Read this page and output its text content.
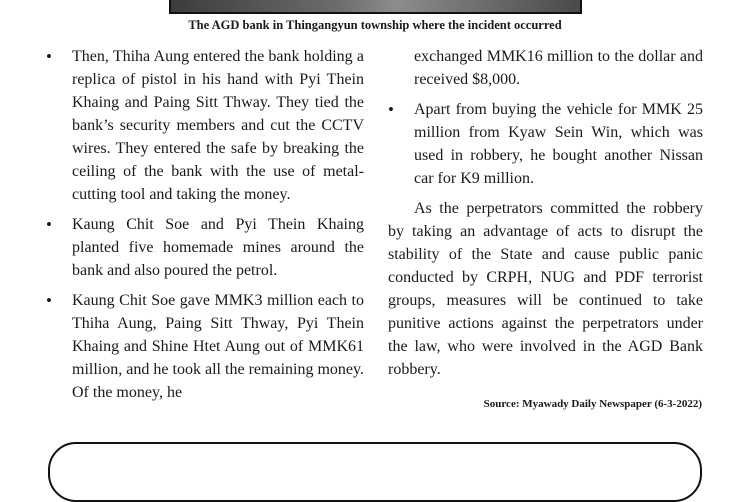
The AGD bank in Thingangyun township where the incident occurred
• Then, Thiha Aung entered the bank holding a replica of pistol in his hand with Pyi Thein Khaing and Paing Sitt Thway. They tied the bank’s security members and cut the CCTV wires. They entered the safe by breaking the ceiling of the bank with the use of metal-cutting tool and taking the money.
• Kaung Chit Soe and Pyi Thein Khaing planted five homemade mines around the bank and also poured the petrol.
• Kaung Chit Soe gave MMK3 million each to Thiha Aung, Paing Sitt Thway, Pyi Thein Khaing and Shine Htet Aung out of MMK61 million, and he took all the remaining money. Of the money, he
exchanged MMK16 million to the dollar and received $8,000.
• Apart from buying the vehicle for MMK 25 million from Kyaw Sein Win, which was used in robbery, he bought another Nissan car for K9 million.
As the perpetrators committed the robbery by taking an advantage of acts to disrupt the stability of the State and cause public panic conducted by CRPH, NUG and PDF terrorist groups, measures will be continued to take punitive actions against the perpetrators under the law, who were involved in the AGD Bank robbery.
Source: Myawady Daily Newspaper (6-3-2022)
